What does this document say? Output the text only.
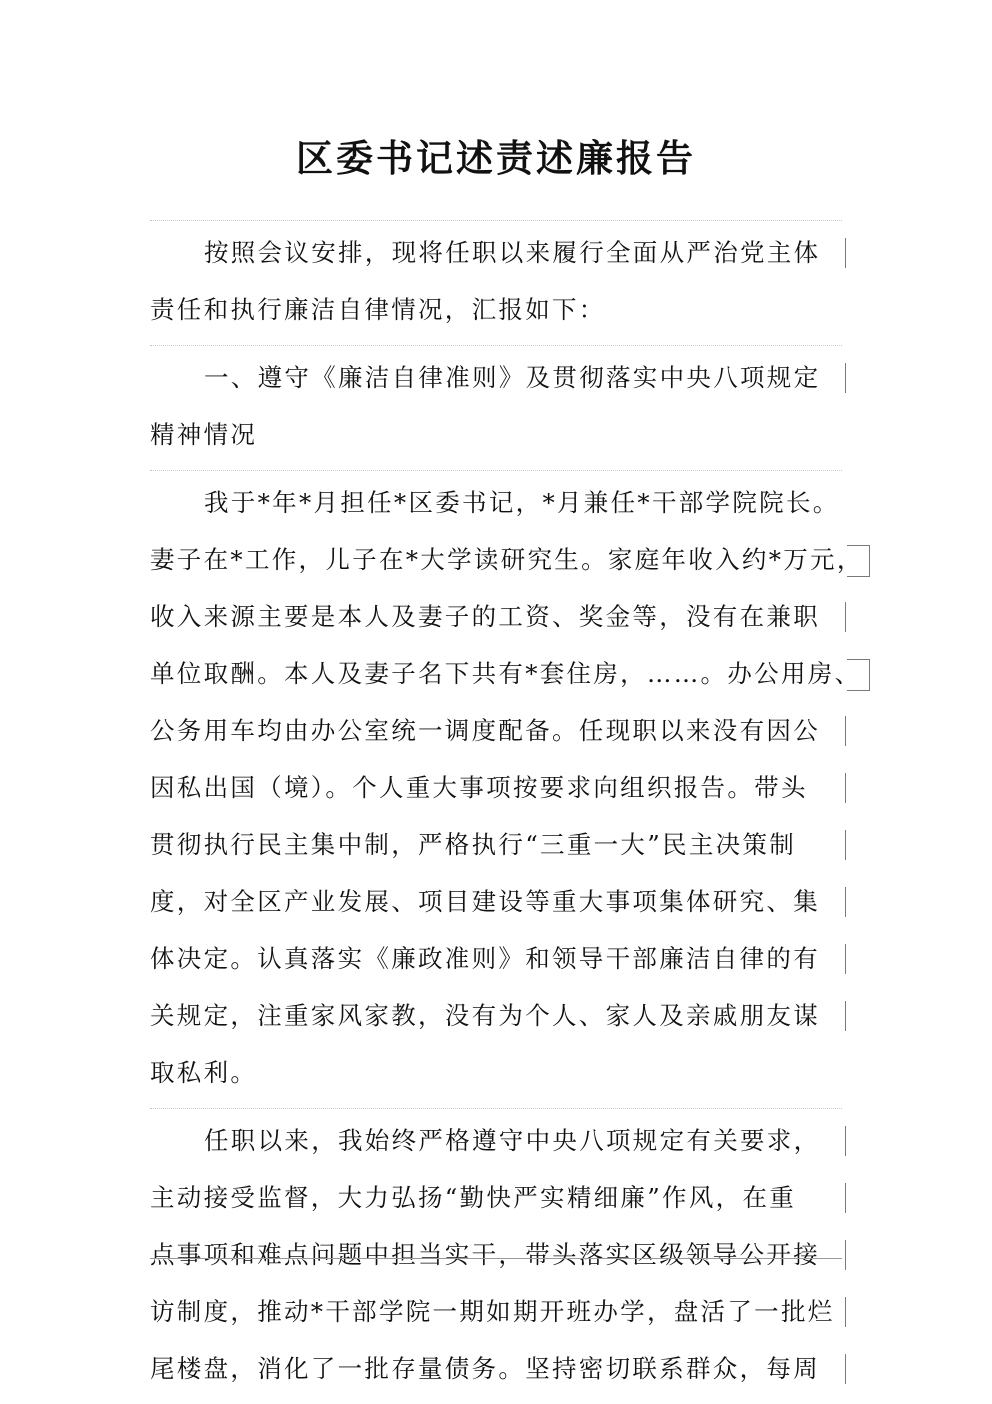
区委书记述责述廉报告
按照会议安排，现将任职以来履行全面从严治党主体
责任和执行廉洁自律情况，汇报如下：
一、遵守《廉洁自律准则》及贯彻落实中央八项规定
精神情况
我于*年*月担任*区委书记，*月兼任*干部学院院长。
妻子在*工作，儿子在*大学读研究生。家庭年收入约*万元，
收入来源主要是本人及妻子的工资、奖金等，没有在兼职
单位取酬。本人及妻子名下共有*套住房，……。办公用房、
公务用车均由办公室统一调度配备。任现职以来没有因公
因私出国（境）。个人重大事项按要求向组织报告。带头
贯彻执行民主集中制，严格执行“三重一大”民主决策制
度，对全区产业发展、项目建设等重大事项集体研究、集
体决定。认真落实《廉政准则》和领导干部廉洁自律的有
关规定，注重家风家教，没有为个人、家人及亲戚朋友谋
取私利。
任职以来，我始终严格遵守中央八项规定有关要求，
主动接受监督，大力弘扬“勤快严实精细廉”作风，在重
点事项和难点问题中担当实干，带头落实区级领导公开接
访制度，推动*干部学院一期如期开班办学，盘活了一批烂
尾楼盘，消化了一批存量债务。坚持密切联系群众，每周
